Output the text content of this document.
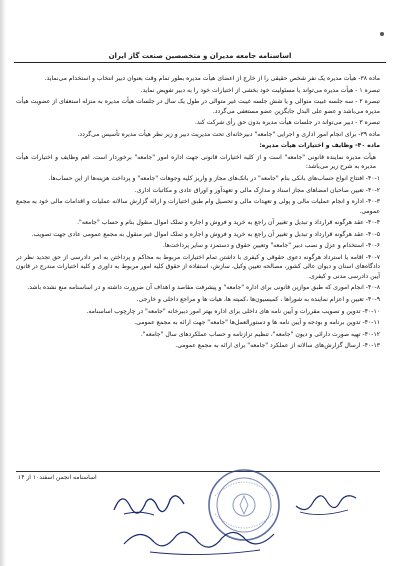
اساسنامه جامعه مدیران و متخصصین صنعت گاز ایران

ماده ۳۸- هیأت مدیره یک نفر شخص حقیقی را از خارج از اعضای هیأت مدیره بطور تمام وقت بعنوان دبیر انتخاب و استخدام می‌نماید.

تبصره ۱ - هیأت مدیره می‌تواند با مسئولیت خود بخشی از اختیارات خود را به دبیر تفویض نماید.

تبصره ۲ - سه جلسه غیبت متوالی و یا شش جلسه غیبت غیر متوالی در طول یک سال در جلسات هیأت مدیره به منزله استعفای از عضویت هیأت مدیره می‌باشد و عضو علی البدل جایگزین عضو مستعفی می‌گردد.

تبصره ۳ - دبیر می‌تواند در جلسات هیأت مدیره بدون حق رأی شرکت کند.

ماده ۳۹- برای انجام امور اداری و اجرایی "جامعه" دبیرخانه‌ای تحت مدیریت دبیر و زیر نظر هیأت مدیره تأسیس می‌گردد.

ماده ۴۰- وظایف و اختیارات هیأت مدیره:

هیأت مدیره نماینده قانونی "جامعه" است و از کلیه اختیارات قانونی جهت اداره امور "جامعه" برخوردار است. اهم وظایف و اختیارات هیأت مدیره به شرح زیر می‌باشد:

۴۰-۱- افتتاح انواع حساب‌های بانکی بنام "جامعه" در بانک‌های مجاز و واریز کلیه وجوهات "جامعه" و پرداخت هزینه‌ها از این حساب‌ها.

۴۰-۲- تعیین صاحبان امضاهای مجاز اسناد و مدارک مالی و تعهدآور و اوراق عادی و مکاتبات اداری.

۴۰-۳- اداره و انجام عملیات مالی و پولی و تعهدات مالی و تحصیل وام طبق اختیارات و ارائه گزارش سالانه عملیات و اقدامات مالی خود به مجمع عمومی.

۴۰-۴- عقد هرگونه قرارداد و تبدیل و تغییر آن راجع به خرید و فروش و اجاره و تملک اموال منقول بنام و حساب "جامعه".

۴۰-۵- عقد هرگونه قرارداد و تبدیل و تغییر آن راجع به خرید و فروش و اجاره و تملک اموال غیر منقول به مجمع عمومی عادی جهت تصویب.

۴۰-۶- استخدام و عزل و نصب دبیر "جامعه" وتعیین حقوق و دستمزد و سایر پرداخت‌ها.

۴۰-۷- اقامه یا استرداد هرگونه دعوی حقوقی و کیفری با داشتن تمام اختیارات مربوط به محاکم و پرداختن به امر دادرسی از حق تجدید نظر در دادگاه‌های استان و دیوان عالی کشور، مصالحه تعیین وکیل، سازش، استفاده از حقوق کلیه امور مربوط به داوری و کلیه اختیارات مندرج در قانون آیین دادرسی مدنی و کیفری.

۴۰-۸- انجام اموری که طبق موازین قانونی برای اداره "جامعه" و پیشرفت مقاصد و اهداف آن ضرورت داشته و در اساسنامه منع نشده باشد.

۴۰-۹- تعیین و اعزام نماینده به شوراها ، کمیسیون‌ها ،کمیته ها، هیات ها و مراجع داخلی و خارجی.

۴۰-۱۰- تدوین و تصویب مقررات و آیین نامه های داخلی برای اداره بهتر امور دبیرخانه "جامعه" در چارچوب اساسنامه.

۴۰-۱۱- تدوین برنامه و بودجه و آیین نامه ها و دستورالعمل‌ها "جامعه" جهت ارائه به مجمع عمومی.

۴۰-۱۲- تهیه صورت دارائی و دیون "جامعه"، تنظیم ترازنامه و حساب عملکردهای سال "جامعه".

۴۰-۱۳- ارسال گزارش‌های سالانه از عملکرد "جامعه" برای ارائه به مجمع عمومی.

اساسنامه انجمن اسفند۱۰ از ۱۴
